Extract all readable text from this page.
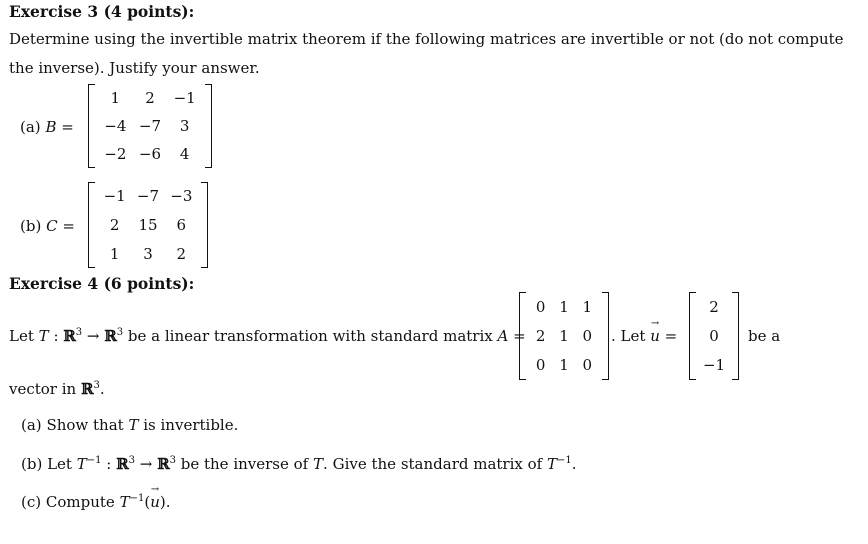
Exercise 3 (4 points):
Determine using the invertible matrix theorem if the following matrices are invertible or not (do not compute
the inverse). Justify your answer.
(a) B =
1	2	−1
−4	−7	3
−2	−6	4
(b) C =
−1	−7	−3
2	15	6
1	3	2
Exercise 4 (6 points):
Let T : ℝ$^3$ → ℝ$^3$ be a linear transformation with standard matrix A =
0	1	1
2	1	0
0	1	0
. Let → u =
2
0
−1
be a
vector in ℝ$^3$.
(a) Show that T is invertible.
(b) Let $T^{-1}$ : ℝ$^3$ → ℝ$^3$ be the inverse of T. Give the standard matrix of $T^{-1}$.
(c) Compute $T^{-1}(\to u)$.
